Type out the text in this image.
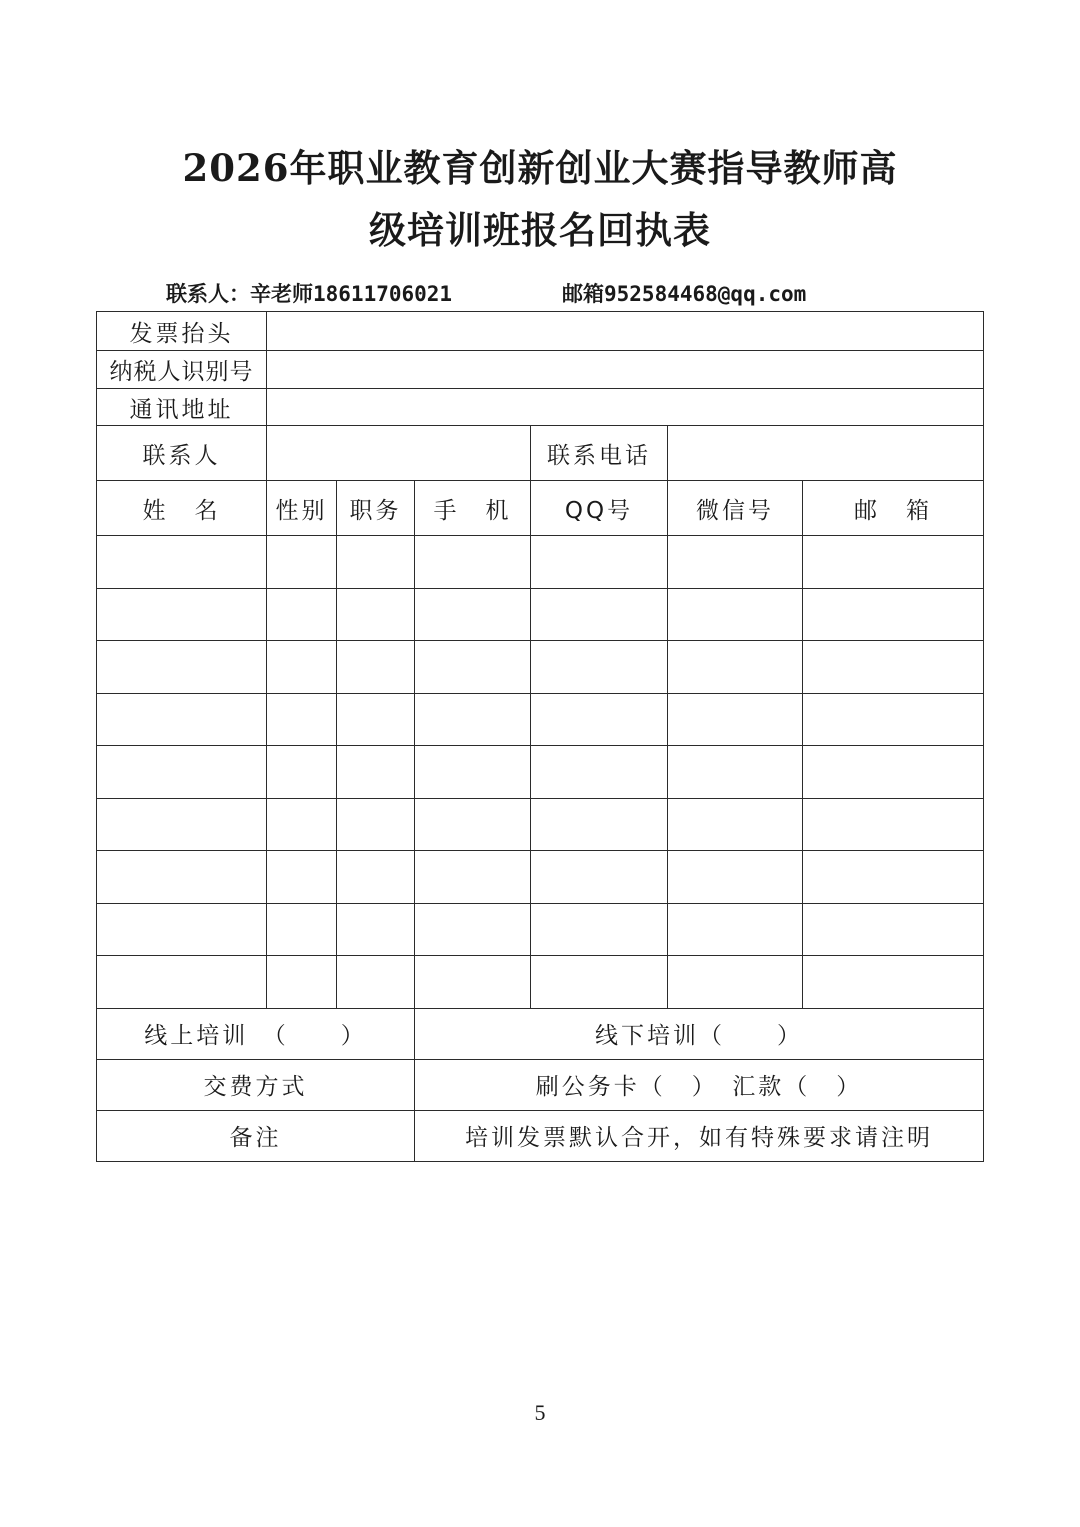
2026年职业教育创新创业大赛指导教师高
级培训班报名回执表
联系人：辛老师18611706021	邮箱952584468@qq.com
发票抬头						
纳税人识别号						
通讯地址						
联系人				联系电话		
姓　名	性别	职务	手　机	QQ号	微信号	邮　箱

线上培训　（　　）			线下培训（　　）			
交费方式			刷公务卡（　）　汇款（　）			
备注			培训发票默认合开，如有特殊要求请注明			
5
